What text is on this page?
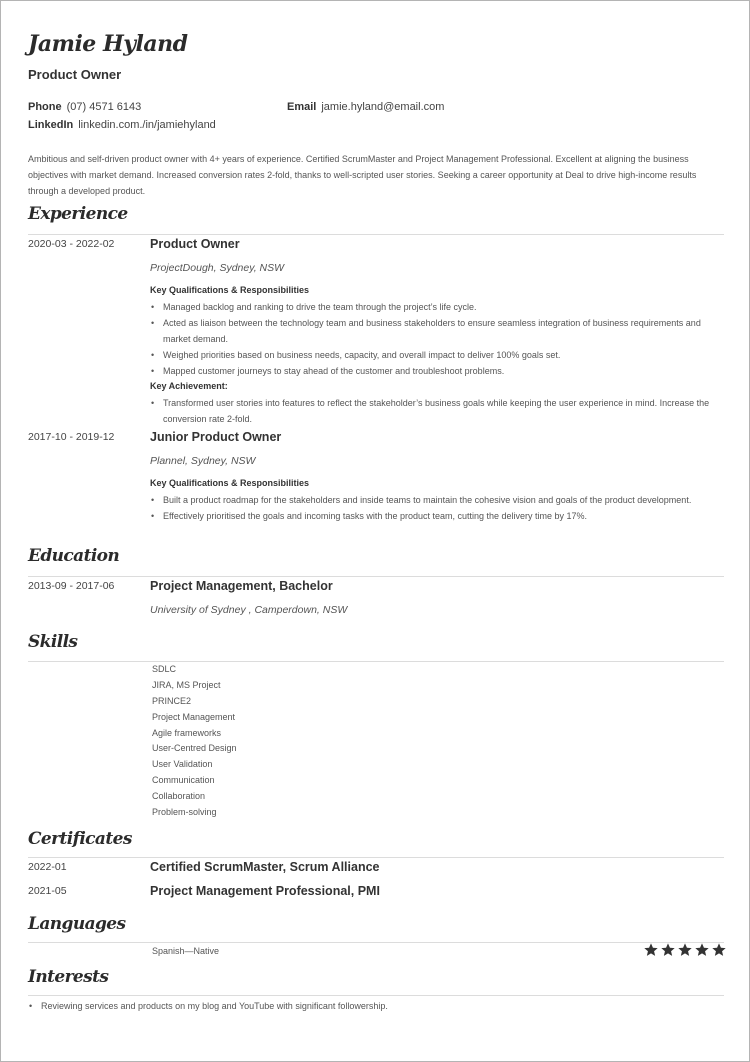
Jamie Hyland
Product Owner
Phone (07) 4571 6143	Email jamie.hyland@email.com
LinkedIn linkedin.com./in/jamiehyland
Ambitious and self-driven product owner with 4+ years of experience. Certified ScrumMaster and Project Management Professional. Excellent at aligning the business objectives with market demand. Increased conversion rates 2-fold, thanks to well-scripted user stories. Seeking a career opportunity at Deal to drive high-income results through a developed product.
Experience
2020-03 - 2022-02	Product Owner
ProjectDough, Sydney, NSW
Key Qualifications & Responsibilities
• Managed backlog and ranking to drive the team through the project’s life cycle.
• Acted as liaison between the technology team and business stakeholders to ensure seamless integration of business requirements and market demand.
• Weighed priorities based on business needs, capacity, and overall impact to deliver 100% goals set.
• Mapped customer journeys to stay ahead of the customer and troubleshoot problems.
Key Achievement:
• Transformed user stories into features to reflect the stakeholder’s business goals while keeping the user experience in mind. Increase the conversion rate 2-fold.
2017-10 - 2019-12	Junior Product Owner
Plannel, Sydney, NSW
Key Qualifications & Responsibilities
• Built a product roadmap for the stakeholders and inside teams to maintain the cohesive vision and goals of the product development.
• Effectively prioritised the goals and incoming tasks with the product team, cutting the delivery time by 17%.
Education
2013-09 - 2017-06	Project Management, Bachelor
University of Sydney , Camperdown, NSW
Skills
SDLC
JIRA, MS Project
PRINCE2
Project Management
Agile frameworks
User-Centred Design
User Validation
Communication
Collaboration
Problem-solving
Certificates
2022-01	Certified ScrumMaster, Scrum Alliance
2021-05	Project Management Professional, PMI
Languages
Spanish—Native
Interests
• Reviewing services and products on my blog and YouTube with significant followership.
